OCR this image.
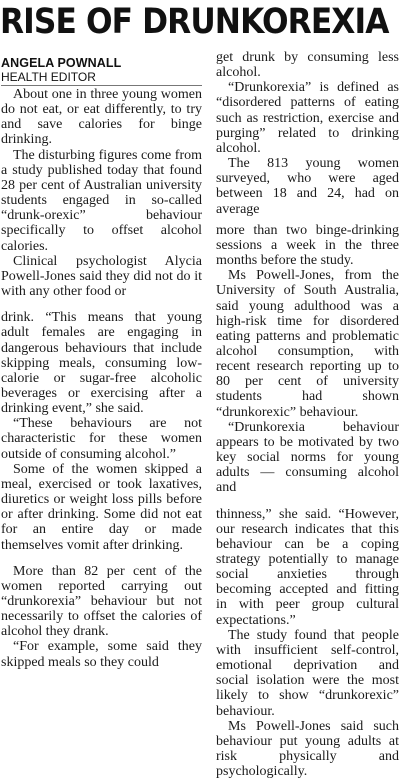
RISE OF DRUNKOREXIA
ANGELA POWNALL
HEALTH EDITOR

About one in three young women do not eat, or eat differently, to try and save calories for binge drinking.

The disturbing figures come from a study published today that found 28 per cent of Australian university students engaged in so-called “drunk-orexic” behaviour specifically to offset alcohol calories.

Clinical psychologist Alycia Powell-Jones said they did not do it with any other food or

drink. “This means that young adult females are engaging in dangerous behaviours that include skipping meals, consuming low-calorie or sugar-free alcoholic beverages or exercising after a drinking event,” she said.

“These behaviours are not characteristic for these women outside of consuming alcohol.”

Some of the women skipped a meal, exercised or took laxatives, diuretics or weight loss pills before or after drinking. Some did not eat for an entire day or made themselves vomit after drinking.

More than 82 per cent of the women reported carrying out “drunkorexia” behaviour but not necessarily to offset the calories of alcohol they drank.

“For example, some said they skipped meals so they could

get drunk by consuming less alcohol.

“Drunkorexia” is defined as “disordered patterns of eating such as restriction, exercise and purging” related to drinking alcohol.

The 813 young women surveyed, who were aged between 18 and 24, had on average

more than two binge-drinking sessions a week in the three months before the study.

Ms Powell-Jones, from the University of South Australia, said young adulthood was a high-risk time for disordered eating patterns and problematic alcohol consumption, with recent research reporting up to 80 per cent of university students had shown “drunkorexic” behaviour.

“Drunkorexia behaviour appears to be motivated by two key social norms for young adults — consuming alcohol and

thinness,” she said. “However, our research indicates that this behaviour can be a coping strategy potentially to manage social anxieties through becoming accepted and fitting in with peer group cultural expectations.”

The study found that people with insufficient self-control, emotional deprivation and social isolation were the most likely to show “drunkorexic” behaviour.

Ms Powell-Jones said such behaviour put young adults at risk physically and psychologically.
